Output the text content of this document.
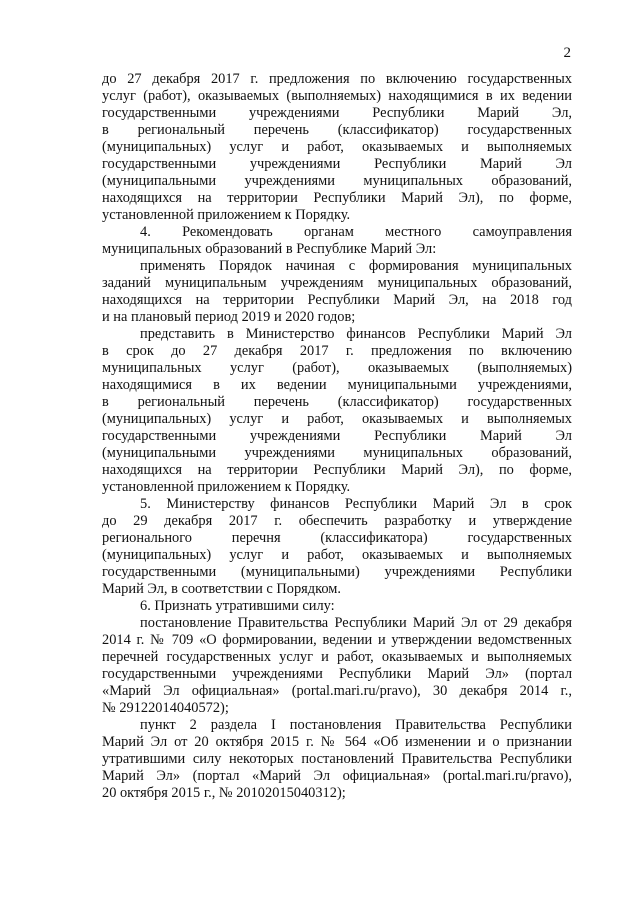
2

до 27 декабря 2017 г. предложения по включению государственных
услуг (работ), оказываемых (выполняемых) находящимися в их ведении
государственными учреждениями Республики Марий Эл,
в региональный перечень (классификатор) государственных
(муниципальных) услуг и работ, оказываемых и выполняемых
государственными учреждениями Республики Марий Эл
(муниципальными учреждениями муниципальных образований,
находящихся на территории Республики Марий Эл), по форме,
установленной приложением к Порядку.

4. Рекомендовать органам местного самоуправления
муниципальных образований в Республике Марий Эл:

применять Порядок начиная с формирования муниципальных
заданий муниципальным учреждениям муниципальных образований,
находящихся на территории Республики Марий Эл, на 2018 год
и на плановый период 2019 и 2020 годов;

представить в Министерство финансов Республики Марий Эл
в срок до 27 декабря 2017 г. предложения по включению
муниципальных услуг (работ), оказываемых (выполняемых)
находящимися в их ведении муниципальными учреждениями,
в региональный перечень (классификатор) государственных
(муниципальных) услуг и работ, оказываемых и выполняемых
государственными учреждениями Республики Марий Эл
(муниципальными учреждениями муниципальных образований,
находящихся на территории Республики Марий Эл), по форме,
установленной приложением к Порядку.

5. Министерству финансов Республики Марий Эл в срок
до 29 декабря 2017 г. обеспечить разработку и утверждение
регионального перечня (классификатора) государственных
(муниципальных) услуг и работ, оказываемых и выполняемых
государственными (муниципальными) учреждениями Республики
Марий Эл, в соответствии с Порядком.

6. Признать утратившими силу:

постановление Правительства Республики Марий Эл от 29 декабря
2014 г. № 709 «О формировании, ведении и утверждении ведомственных
перечней государственных услуг и работ, оказываемых и выполняемых
государственными учреждениями Республики Марий Эл» (портал
«Марий Эл официальная» (portal.mari.ru/pravo), 30 декабря 2014 г.,
№ 29122014040572);

пункт 2 раздела I постановления Правительства Республики
Марий Эл от 20 октября 2015 г. № 564 «Об изменении и о признании
утратившими силу некоторых постановлений Правительства Республики
Марий Эл» (портал «Марий Эл официальная» (portal.mari.ru/pravo),
20 октября 2015 г., № 20102015040312);
